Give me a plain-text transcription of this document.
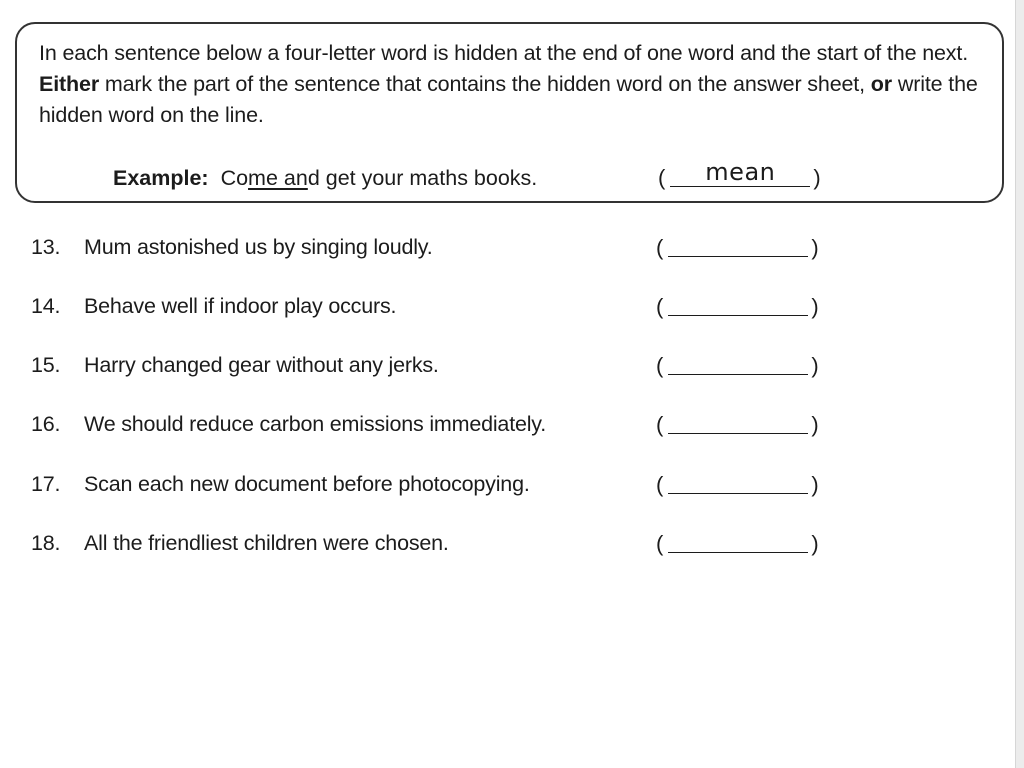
In each sentence below a four-letter word is hidden at the end of one word and the start of the next. Either mark the part of the sentence that contains the hidden word on the answer sheet, or write the hidden word on the line.
Example: Come and get your maths books.	(	mean	)
13. Mum astonished us by singing loudly.	(	)
14. Behave well if indoor play occurs.	(	)
15. Harry changed gear without any jerks.	(	)
16. We should reduce carbon emissions immediately.	(	)
17. Scan each new document before photocopying.	(	)
18. All the friendliest children were chosen.	(	)
